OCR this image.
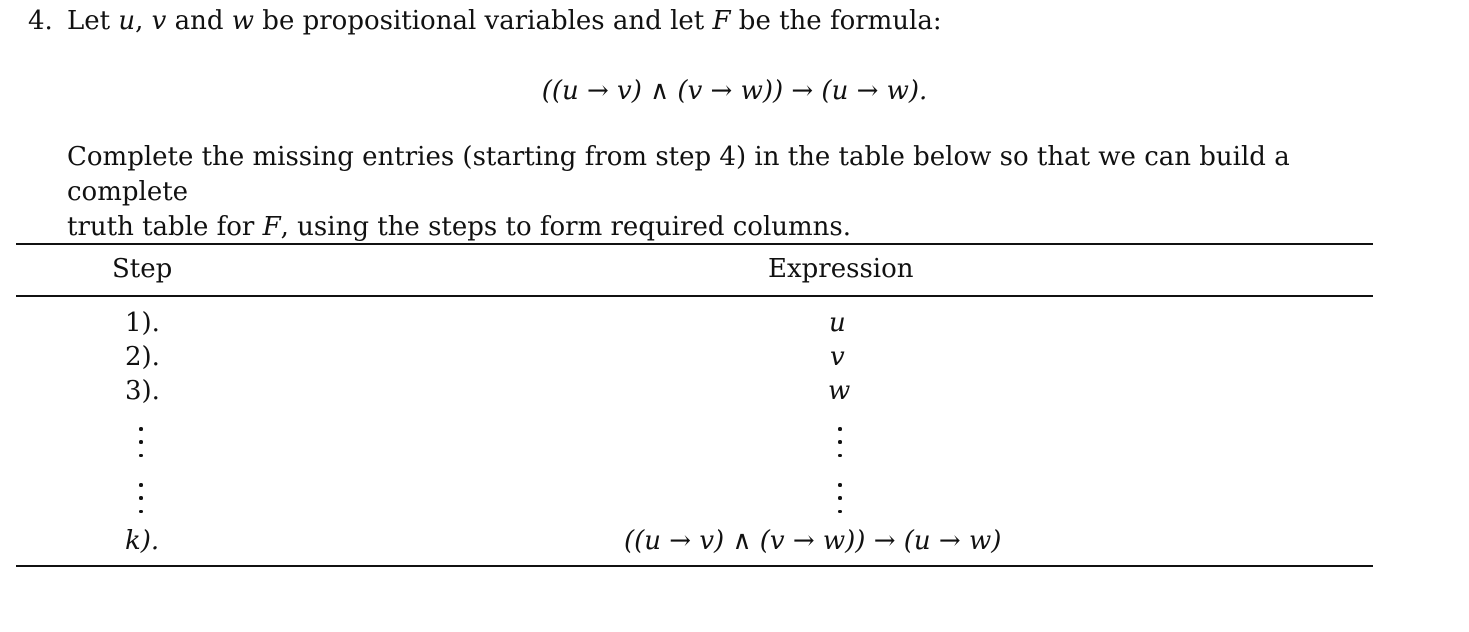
4. Let u, v and w be propositional variables and let F be the formula:
((u → v) ∧ (v → w)) → (u → w).

Complete the missing entries (starting from step 4) in the table below so that we can build a complete

truth table for F, using the steps to form required columns.

Step	Expression
1).	u
2).	v
3).	w
k).	((u → v) ∧ (v → w)) → (u → w)
